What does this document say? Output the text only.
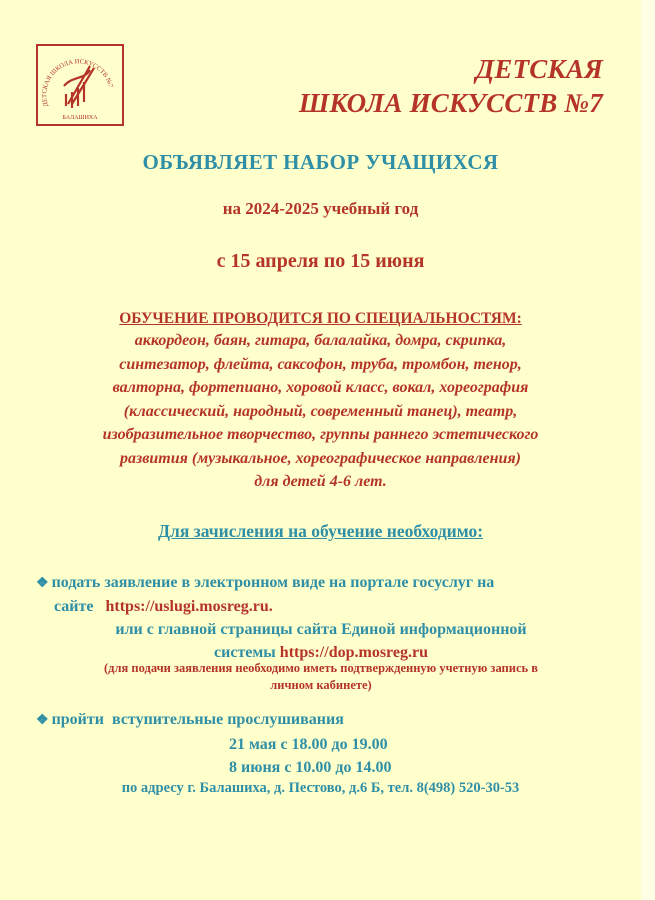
ДЕТСКАЯ ШКОЛА ИСКУССТВ №7
БАЛАШИХА
ДЕТСКАЯ
ШКОЛА ИСКУССТВ №7
ОБЪЯВЛЯЕТ НАБОР УЧАЩИХСЯ
на 2024-2025 учебный год
с 15 апреля по 15 июня
ОБУЧЕНИЕ ПРОВОДИТСЯ ПО СПЕЦИАЛЬНОСТЯМ:
аккордеон, баян, гитара, балалайка, домра, скрипка,
синтезатор, флейта, саксофон, труба, тромбон, тенор,
валторна, фортепиано, хоровой класс, вокал, хореография
(классический, народный, современный танец), театр,
изобразительное творчество, группы раннего эстетического
развития (музыкальное, хореографическое направления)
для детей 4-6 лет.
Для зачисления на обучение необходимо:
❖ подать заявление в электронном виде на портале госуслуг на
сайте https://uslugi.mosreg.ru.
или с главной страницы сайта Единой информационной
системы https://dop.mosreg.ru
(для подачи заявления необходимо иметь подтвержденную учетную запись в
личном кабинете)
❖ пройти  вступительные прослушивания
21 мая с 18.00 до 19.00
8 июня с 10.00 до 14.00
по адресу г. Балашиха, д. Пестово, д.6 Б, тел. 8(498) 520-30-53
